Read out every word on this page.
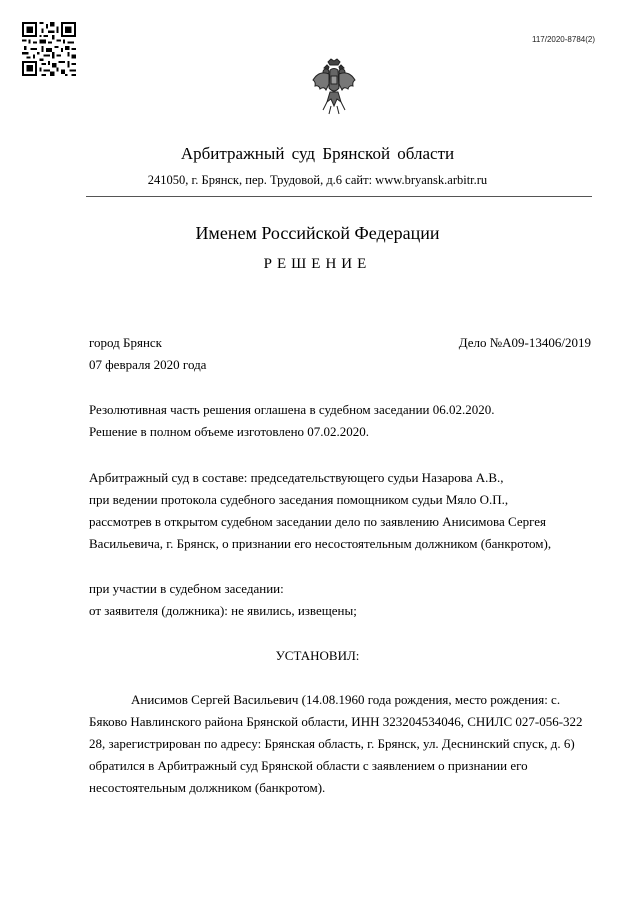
117/2020-8784(2)
Арбитражный суд Брянской области
241050, г. Брянск, пер. Трудовой, д.6 сайт: www.bryansk.arbitr.ru
Именем Российской Федерации
РЕШЕНИЕ
город Брянск	Дело №А09-13406/2019
07 февраля 2020 года
Резолютивная часть решения оглашена в судебном заседании 06.02.2020.
Решение в полном объеме изготовлено 07.02.2020.
Арбитражный суд в составе: председательствующего судьи Назарова А.В.,
при ведении протокола судебного заседания помощником судьи Мяло О.П.,
рассмотрев в открытом судебном заседании дело по заявлению Анисимова Сергея
Васильевича, г. Брянск, о признании его несостоятельным должником (банкротом),
при участии в судебном заседании:
от заявителя (должника): не явились, извещены;
УСТАНОВИЛ:
Анисимов Сергей Васильевич (14.08.1960 года рождения, место рождения: с.
Бяково Навлинского района Брянской области, ИНН 323204534046, СНИЛС 027-056-322
28, зарегистрирован по адресу: Брянская область, г. Брянск, ул. Деснинский спуск, д. 6)
обратился в Арбитражный суд Брянской области с заявлением о признании его
несостоятельным должником (банкротом).
